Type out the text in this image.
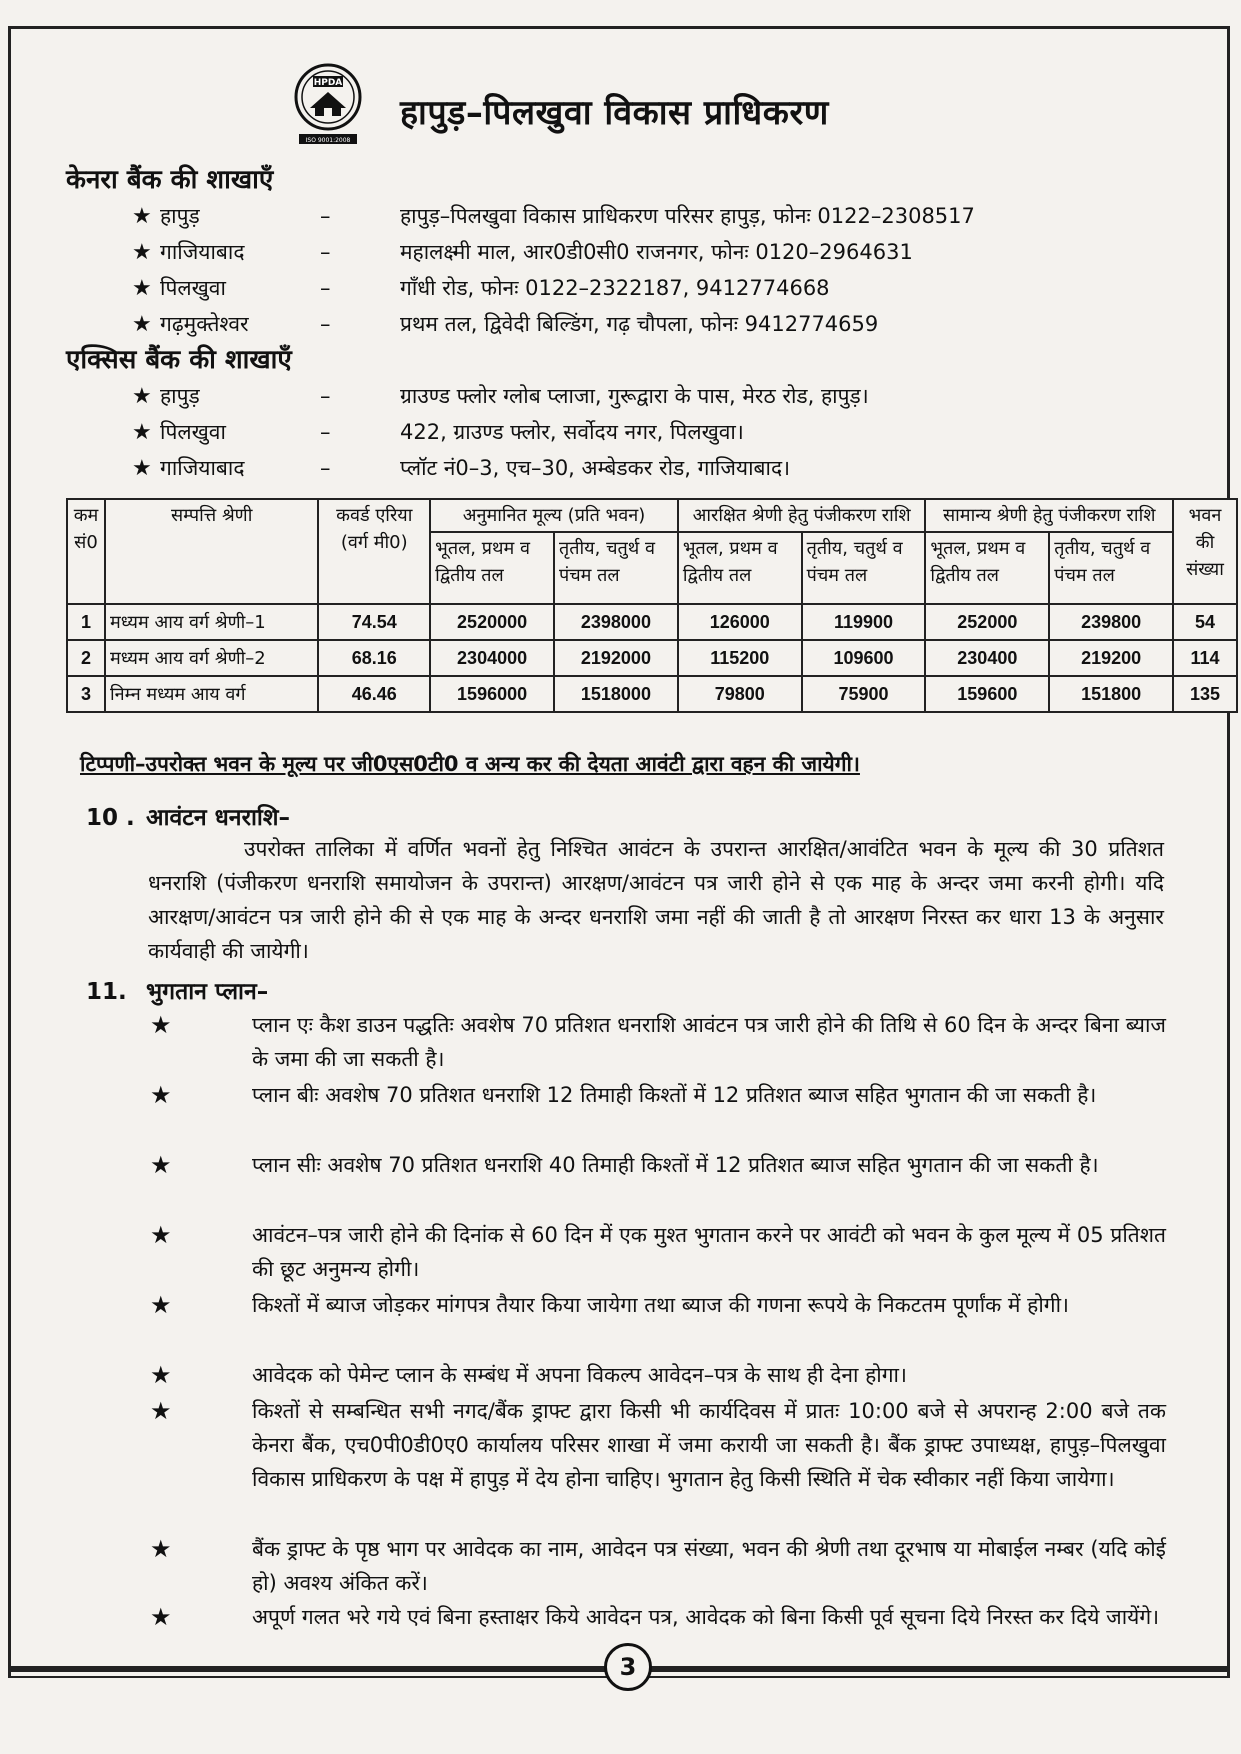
HPDA
ISO 9001:2008
हापुड़–पिलखुवा विकास प्राधिकरण
केनरा बैंक की शाखाएँ
★ हापुड़	–	हापुड़–पिलखुवा विकास प्राधिकरण परिसर हापुड़, फोनः 0122–2308517
★ गाजियाबाद	–	महालक्ष्मी माल, आर0डी0सी0 राजनगर, फोनः 0120–2964631
★ पिलखुवा	–	गाँधी रोड, फोनः 0122–2322187, 9412774668
★ गढ़मुक्तेश्वर	–	प्रथम तल, द्विवेदी बिल्डिंग, गढ़ चौपला, फोनः 9412774659
एक्सिस बैंक की शाखाएँ
★ हापुड़	–	ग्राउण्ड फ्लोर ग्लोब प्लाजा, गुरूद्वारा के पास, मेरठ रोड, हापुड़।
★ पिलखुवा	–	422, ग्राउण्ड फ्लोर, सर्वोदय नगर, पिलखुवा।
★ गाजियाबाद	–	प्लॉट नं0–3, एच–30, अम्बेडकर रोड, गाजियाबाद।
कम सं0	सम्पत्ति श्रेणी	कवर्ड एरिया (वर्ग मी0)	अनुमानित मूल्य (प्रति भवन)		आरक्षित श्रेणी हेतु पंजीकरण राशि		सामान्य श्रेणी हेतु पंजीकरण राशि		भवन की संख्या
			भूतल, प्रथम व द्वितीय तल	तृतीय, चतुर्थ व पंचम तल	भूतल, प्रथम व द्वितीय तल	तृतीय, चतुर्थ व पंचम तल	भूतल, प्रथम व द्वितीय तल	तृतीय, चतुर्थ व पंचम तल	
1	मध्यम आय वर्ग श्रेणी–1	74.54	2520000	2398000	126000	119900	252000	239800	54
2	मध्यम आय वर्ग श्रेणी–2	68.16	2304000	2192000	115200	109600	230400	219200	114
3	निम्न मध्यम आय वर्ग	46.46	1596000	1518000	79800	75900	159600	151800	135
टिप्पणी–उपरोक्त भवन के मूल्य पर जी0एस0टी0 व अन्य कर की देयता आवंटी द्वारा वहन की जायेगी।
10 . आवंटन धनराशि–
उपरोक्त तालिका में वर्णित भवनों हेतु निश्चित आवंटन के उपरान्त आरक्षित/आवंटित भवन के मूल्य की 30 प्रतिशत धनराशि (पंजीकरण धनराशि समायोजन के उपरान्त) आरक्षण/आवंटन पत्र जारी होने से एक माह के अन्दर जमा करनी होगी। यदि आरक्षण/आवंटन पत्र जारी होने की से एक माह के अन्दर धनराशि जमा नहीं की जाती है तो आरक्षण निरस्त कर धारा 13 के अनुसार कार्यवाही की जायेगी।
11. भुगतान प्लान–
★	प्लान एः कैश डाउन पद्धतिः अवशेष 70 प्रतिशत धनराशि आवंटन पत्र जारी होने की तिथि से 60 दिन के अन्दर बिना ब्याज के जमा की जा सकती है।
★	प्लान बीः अवशेष 70 प्रतिशत धनराशि 12 तिमाही किश्तों में 12 प्रतिशत ब्याज सहित भुगतान की जा सकती है।
★	प्लान सीः अवशेष 70 प्रतिशत धनराशि 40 तिमाही किश्तों में 12 प्रतिशत ब्याज सहित भुगतान की जा सकती है।
★	आवंटन–पत्र जारी होने की दिनांक से 60 दिन में एक मुश्त भुगतान करने पर आवंटी को भवन के कुल मूल्य में 05 प्रतिशत की छूट अनुमन्य होगी।
★	किश्तों में ब्याज जोड़कर मांगपत्र तैयार किया जायेगा तथा ब्याज की गणना रूपये के निकटतम पूर्णांक में होगी।
★	आवेदक को पेमेन्ट प्लान के सम्बंध में अपना विकल्प आवेदन–पत्र के साथ ही देना होगा।
★	किश्तों से सम्बन्धित सभी नगद/बैंक ड्राफ्ट द्वारा किसी भी कार्यदिवस में प्रातः 10:00 बजे से अपरान्ह 2:00 बजे तक केनरा बैंक, एच0पी0डी0ए0 कार्यालय परिसर शाखा में जमा करायी जा सकती है। बैंक ड्राफ्ट उपाध्यक्ष, हापुड़–पिलखुवा विकास प्राधिकरण के पक्ष में हापुड़ में देय होना चाहिए। भुगतान हेतु किसी स्थिति में चेक स्वीकार नहीं किया जायेगा।
★	बैंक ड्राफ्ट के पृष्ठ भाग पर आवेदक का नाम, आवेदन पत्र संख्या, भवन की श्रेणी तथा दूरभाष या मोबाईल नम्बर (यदि कोई हो) अवश्य अंकित करें।
★	अपूर्ण गलत भरे गये एवं बिना हस्ताक्षर किये आवेदन पत्र, आवेदक को बिना किसी पूर्व सूचना दिये निरस्त कर दिये जायेंगे।
3
